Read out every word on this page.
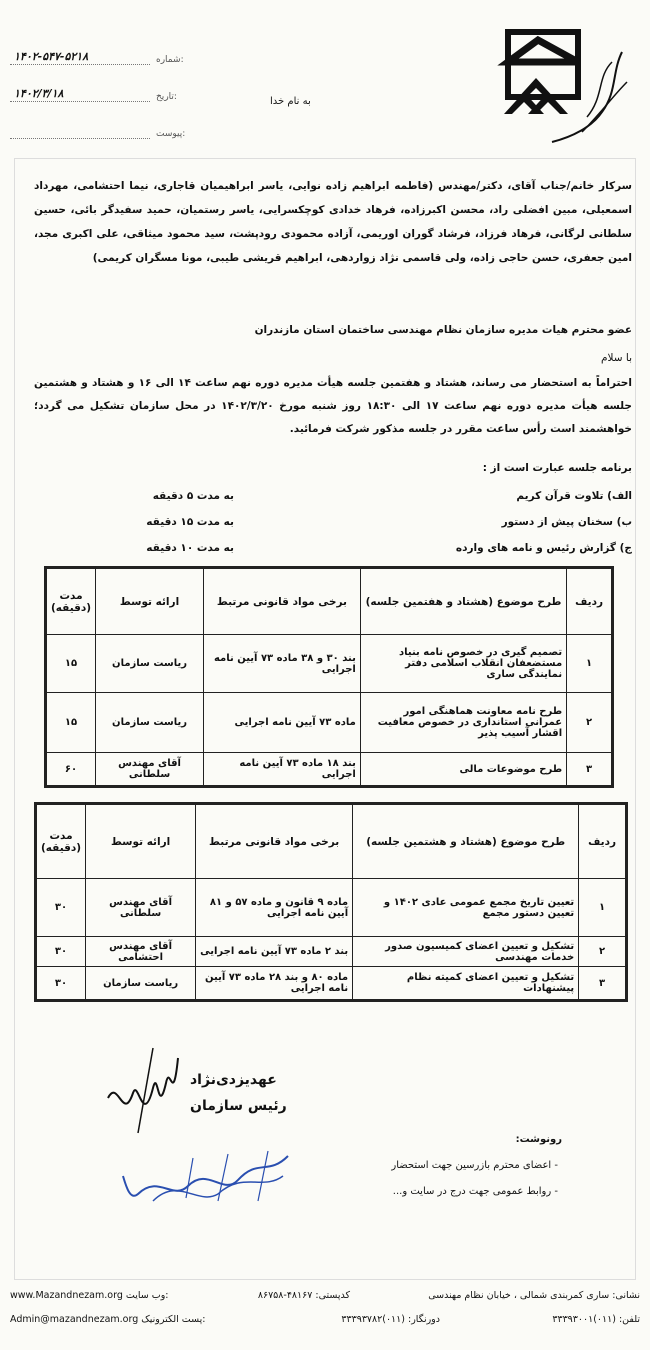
۱۴۰۲-۵۴۷-۵۲۱۸	شماره:
۱۴۰۲/۳/۱۸	تاریخ:
پیوست:
به نام خدا
سرکار خانم/جناب آقای، دکتر/مهندس (فاطمه ابراهیم زاده نوایی، یاسر ابراهیمیان قاجاری، نیما احتشامی، مهرداد اسمعیلی، مبین افضلی راد، محسن اکبرزاده، فرهاد خدادی کوچکسرایی، یاسر رستمیان، حمید سفیدگر بائی، حسین سلطانی لرگانی، فرهاد فرزاد، فرشاد گوران اوریمی، آزاده محمودی رودپشت، سید محمود میثاقی، علی اکبری مجد، امین جعفری، حسن حاجی زاده، ولی قاسمی نژاد زواردهی، ابراهیم قریشی طیبی، مونا مسگران کریمی)
عضو محترم هیات مدیره سازمان نظام مهندسی ساختمان استان مازندران
با سلام
احتراماً به استحضار می رساند، هشتاد و هفتمین جلسه هیأت مدیره دوره نهم ساعت ۱۴ الی ۱۶ و هشتاد و هشتمین جلسه هیأت مدیره دوره نهم ساعت ۱۷ الی ۱۸:۳۰ روز شنبه مورخ ۱۴۰۲/۳/۲۰ در محل سازمان تشکیل می گردد؛ خواهشمند است رأس ساعت مقرر در جلسه مذکور شرکت فرمائید.
برنامه جلسه عبارت است از :
الف) تلاوت قرآن کریم
به مدت ۵ دقیقه
ب) سخنان پیش از دستور
به مدت ۱۵ دقیقه
ج) گزارش رئیس و نامه های وارده
به مدت ۱۰ دقیقه
ردیف	طرح موضوع (هشتاد و هفتمین جلسه)	برخی مواد قانونی مرتبط	ارائه توسط	مدت (دقیقه)
۱	تصمیم گیری در خصوص نامه بنیاد مستضعفان انقلاب اسلامی دفتر نمایندگی ساری	بند ۳۰ و ۳۸ ماده ۷۳ آیین نامه اجرایی	ریاست سازمان	۱۵
۲	طرح نامه معاونت هماهنگی امور عمرانی استانداری در خصوص معافیت اقشار آسیب پذیر	ماده ۷۳ آیین نامه اجرایی	ریاست سازمان	۱۵
۳	طرح موضوعات مالی	بند ۱۸ ماده ۷۳ آیین نامه اجرایی	آقای مهندس سلطانی	۶۰
ردیف	طرح موضوع (هشتاد و هشتمین جلسه)	برخی مواد قانونی مرتبط	ارائه توسط	مدت (دقیقه)
۱	تعیین تاریخ مجمع عمومی عادی ۱۴۰۲ و تعیین دستور مجمع	ماده ۹ قانون و ماده ۵۷ و ۸۱ آیین نامه اجرایی	آقای مهندس سلطانی	۳۰
۲	تشکیل و تعیین اعضای کمیسیون صدور خدمات مهندسی	بند ۲ ماده ۷۳ آیین نامه اجرایی	آقای مهندس احتشامی	۳۰
۳	تشکیل و تعیین اعضای کمیته نظام پیشنهادات	ماده ۸۰ و بند ۲۸ ماده ۷۳ آیین نامه اجرایی	ریاست سازمان	۳۰
عهدیزدی‌نژاد
رئیس سازمان
رونوشت:
- اعضای محترم بازرسین جهت استحضار
- روابط عمومی جهت درج در سایت و...
نشانی: ساری کمربندی شمالی ، خیابان نظام مهندسی
کدپستی: ۴۸۱۶۷-۸۶۷۵۸
www.Mazandnezam.org وب سایت:
تلفن: (۰۱۱)۳۳۳۹۳۰۰۱
دورنگار: (۰۱۱)۳۳۳۹۳۷۸۲
Admin@mazandnezam.org پست الکترونیک:
